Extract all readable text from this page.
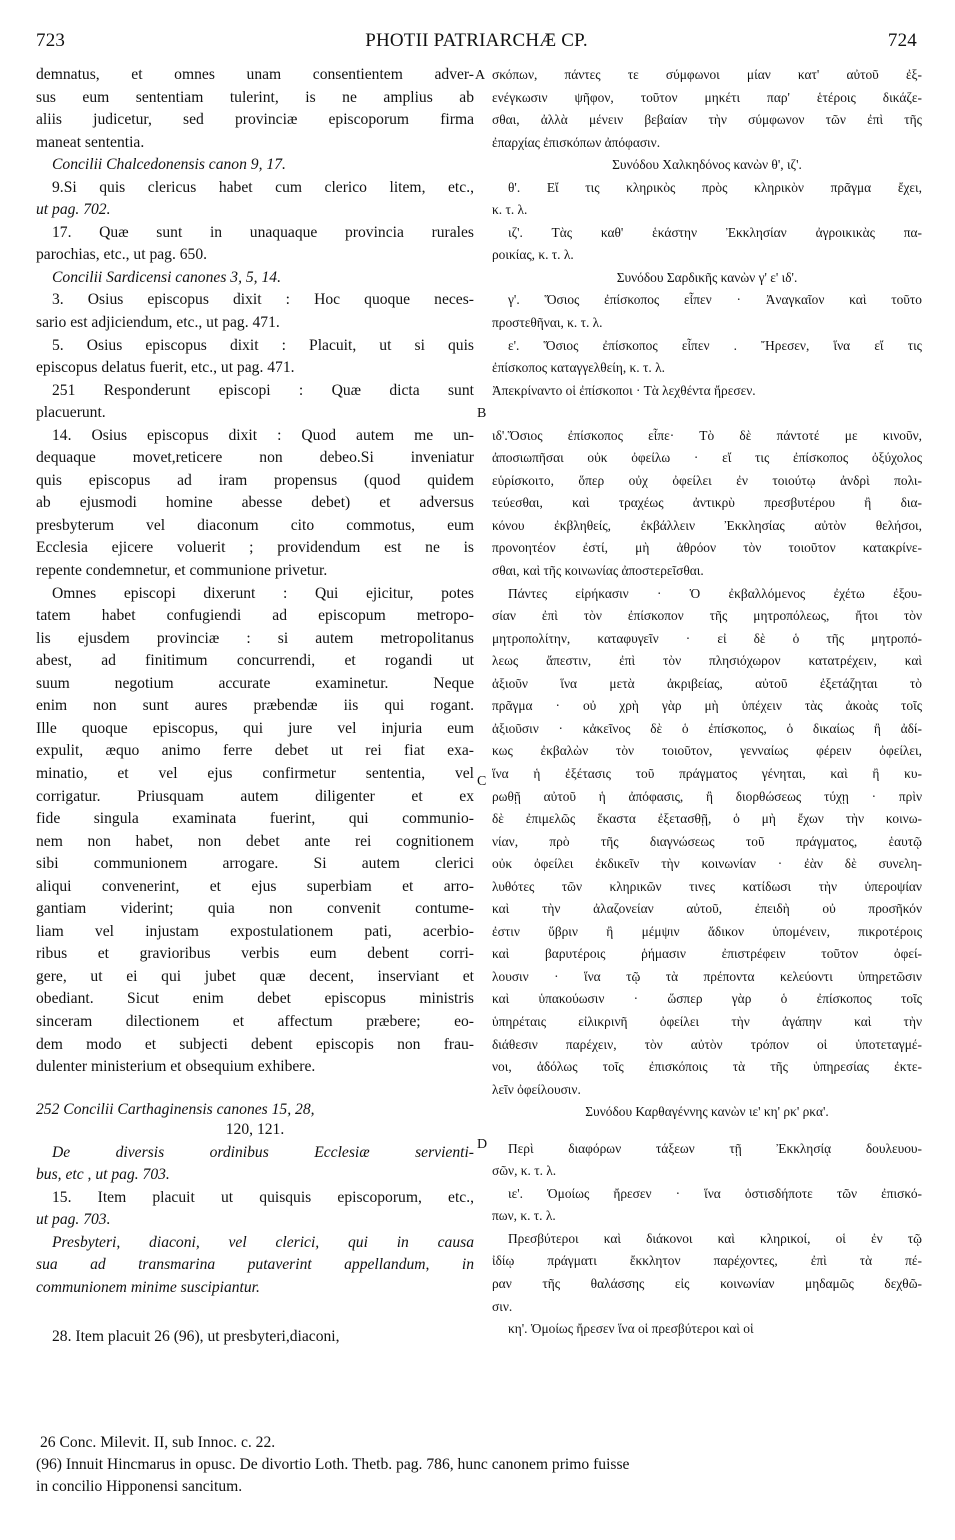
723	PHOTII PATRIARCHÆ CP.	724
A
B
C
D
demnatus, et omnes unam consentientem adver-
sus eum sententiam tulerint, is ne amplius ab
aliis judicetur, sed provinciæ episcoporum firma
maneat sententia.
Concilii Chalcedonensis canon 9, 17.
9.Si quis clericus habet cum clerico litem, etc.,
ut pag. 702.
17. Quæ sunt in unaquaque provincia rurales
parochias, etc., ut pag. 650.
Concilii Sardicensi canones 3, 5, 14.
3. Osius episcopus dixit : Hoc quoque neces-
sario est adjiciendum, etc., ut pag. 471.
5. Osius episcopus dixit : Placuit, ut si quis
episcopus delatus fuerit, etc., ut pag. 471.
251 Responderunt episcopi : Quæ dicta sunt
placuerunt.
14. Osius episcopus dixit : Quod autem me un-
dequaque movet,reticere non debeo.Si inveniatur
quis episcopus ad iram propensus (quod quidem
ab ejusmodi homine abesse debet) et adversus
presbyterum vel diaconum cito commotus, eum
Ecclesia ejicere voluerit ; providendum est ne is
repente condemnetur, et communione privetur.
Omnes episcopi dixerunt : Qui ejicitur, potes
tatem habet confugiendi ad episcopum metropo-
lis ejusdem provinciæ : si autem metropolitanus
abest, ad finitimum concurrendi, et rogandi ut
suum negotium accurate examinetur. Neque
enim non sunt aures præbendæ iis qui rogant.
Ille quoque episcopus, qui jure vel injuria eum
expulit, æquo animo ferre debet ut rei fiat exa-
minatio, et vel ejus confirmetur sententia, vel
corrigatur. Priusquam autem diligenter et ex
fide singula examinata fuerint, qui communio-
nem non habet, non debet ante rei cognitionem
sibi communionem arrogare. Si autem clerici
aliqui convenerint, et ejus superbiam et arro-
gantiam viderint; quia non convenit contume-
liam vel injustam expostulationem pati, acerbio-
ribus et gravioribus verbis eum debent corri-
gere, ut ei qui jubet quæ decent, inserviant et
obediant. Sicut enim debet episcopus ministris
sinceram dilectionem et affectum præbere; eo-
dem modo et subjecti debent episcopis non frau-
dulenter ministerium et obsequium exhibere.
252 Concilii Carthaginensis canones 15, 28,
120, 121.
De diversis ordinibus Ecclesiæ servienti-
bus, etc , ut pag. 703.
15. Item placuit ut quisquis episcoporum, etc.,
ut pag. 703.
Presbyteri, diaconi, vel clerici, qui in causa
sua ad transmarina putaverint appellandum, in
communionem minime suscipiantur.
28. Item placuit 26 (96), ut presbyteri,diaconi,
σκόπων, πάντες τε σύμφωνοι μίαν κατ' αὐτοῦ ἐξ-
ενέγκωσιν ψῆφον, τοῦτον μηκέτι παρ' ἑτέροις δικάζε-
σθαι, ἀλλὰ μένειν βεβαίαν τὴν σύμφωνον τῶν ἐπὶ τῆς
ἐπαρχίας ἐπισκόπων ἀπόφασιν.
Συνόδου Χαλκηδόνος κανὼν θ', ιζ'.
θ'. Εἴ τις κληρικὸς πρὸς κληρικὸν πρᾶγμα ἔχει,
κ. τ. λ.
ιζ'. Τὰς καθ' ἑκάστην Ἐκκλησίαν ἀγροικικὰς πα-
ροικίας, κ. τ. λ.
Συνόδου Σαρδικῆς κανὼν γ' ε' ιδ'.
γ'. Ὅσιος ἐπίσκοπος εἶπεν · Ἀναγκαῖον καὶ τοῦτο
προστεθῆναι, κ. τ. λ.
ε'. Ὅσιος ἐπίσκοπος εἶπεν . Ἤρεσεν, ἵνα εἴ τις
ἐπίσκοπος καταγγελθείη, κ. τ. λ.
Ἀπεκρίναντο οἱ ἐπίσκοποι · Τὰ λεχθέντα ἤρεσεν.
ιδ'.Ὅσιος ἐπίσκοπος εἶπε· Τὸ δὲ πάντοτέ με κινοῦν,
ἀποσιωπῆσαι οὐκ ὀφείλω · εἴ τις ἐπίσκοπος ὀξύχολος
εὑρίσκοιτο, ὅπερ οὐχ ὀφείλει ἐν τοιούτῳ ἀνδρὶ πολι-
τεύεσθαι, καὶ τραχέως ἀντικρὺ πρεσβυτέρου ἢ δια-
κόνου ἐκβληθείς, ἐκβάλλειν Ἐκκλησίας αὐτὸν θελήσοι,
προνοητέον ἐστί, μὴ ἀθρόον τὸν τοιοῦτον κατακρίνε-
σθαι, καὶ τῆς κοινωνίας ἀποστερεῖσθαι.
Πάντες εἰρήκασιν · Ὁ ἐκβαλλόμενος ἐχέτω ἐξου-
σίαν ἐπὶ τὸν ἐπίσκοπον τῆς μητροπόλεως, ἤτοι τὸν
μητροπολίτην, καταφυγεῖν · εἰ δὲ ὁ τῆς μητροπό-
λεως ἄπεστιν, ἐπὶ τὸν πλησιόχωρον κατατρέχειν, καὶ
ἀξιοῦν ἵνα μετὰ ἀκριβείας, αὐτοῦ ἐξετάζηται τὸ
πρᾶγμα · οὐ χρὴ γὰρ μὴ ὑπέχειν τὰς ἀκοὰς τοῖς
ἀξιοῦσιν · κἀκεῖνος δὲ ὁ ἐπίσκοπος, ὁ δικαίως ἢ ἀδί-
κως ἐκβαλὼν τὸν τοιοῦτον, γενναίως φέρειν ὀφείλει,
ἵνα ἡ ἐξέτασις τοῦ πράγματος γένηται, καὶ ἢ κυ-
ρωθῇ αὐτοῦ ἡ ἀπόφασις, ἢ διορθώσεως τύχῃ · πρὶν
δὲ ἐπιμελῶς ἕκαστα ἐξετασθῇ, ὁ μὴ ἔχων τὴν κοινω-
νίαν, πρὸ τῆς διαγνώσεως τοῦ πράγματος, ἑαυτῷ
οὐκ ὀφείλει ἐκδικεῖν τὴν κοινωνίαν · ἐὰν δὲ συνελη-
λυθότες τῶν κληρικῶν τινες κατίδωσι τὴν ὑπεροψίαν
καὶ τὴν ἀλαζονείαν αὐτοῦ, ἐπειδὴ οὐ προσῆκόν
ἐστιν ὕβριν ἢ μέμψιν ἄδικον ὑπομένειν, πικροτέροις
καὶ βαρυτέροις ῥήμασιν ἐπιστρέφειν τοῦτον ὀφεί-
λουσιν · ἵνα τῷ τὰ πρέποντα κελεύοντι ὑπηρετῶσιν
καὶ ὑπακούωσιν · ὥσπερ γὰρ ὁ ἐπίσκοπος τοῖς
ὑπηρέταις εἰλικρινῆ ὀφείλει τὴν ἀγάπην καὶ τὴν
διάθεσιν παρέχειν, τὸν αὐτὸν τρόπον οἱ ὑποτεταγμέ-
νοι, ἀδόλως τοῖς ἐπισκόποις τὰ τῆς ὑπηρεσίας ἐκτε-
λεῖν ὀφείλουσιν.
Συνόδου Καρθαγέννης κανὼν ιε' κη' ρκ' ρκα'.
Περὶ διαφόρων τάξεων τῇ Ἐκκλησίᾳ δουλευου-
σῶν, κ. τ. λ.
ιε'. Ὁμοίως ἤρεσεν · ἵνα ὁστισδήποτε τῶν ἐπισκό-
πων, κ. τ. λ.
Πρεσβύτεροι καὶ διάκονοι καὶ κληρικοί, οἱ ἐν τῷ
ἰδίῳ πράγματι ἔκκλητον παρέχοντες, ἐπὶ τὰ πέ-
ραν τῆς θαλάσσης εἰς κοινωνίαν μηδαμῶς δεχθῶ-
σιν.
κη'. Ὁμοίως ἤρεσεν ἵνα οἱ πρεσβύτεροι καὶ οἱ
26 Conc. Milevit. II, sub Innoc. c. 22.
(96) Innuit Hincmarus in opusc. De divortio Loth. Thetb. pag. 786, hunc canonem primo fuisse
in concilio Hipponensi sancitum.
